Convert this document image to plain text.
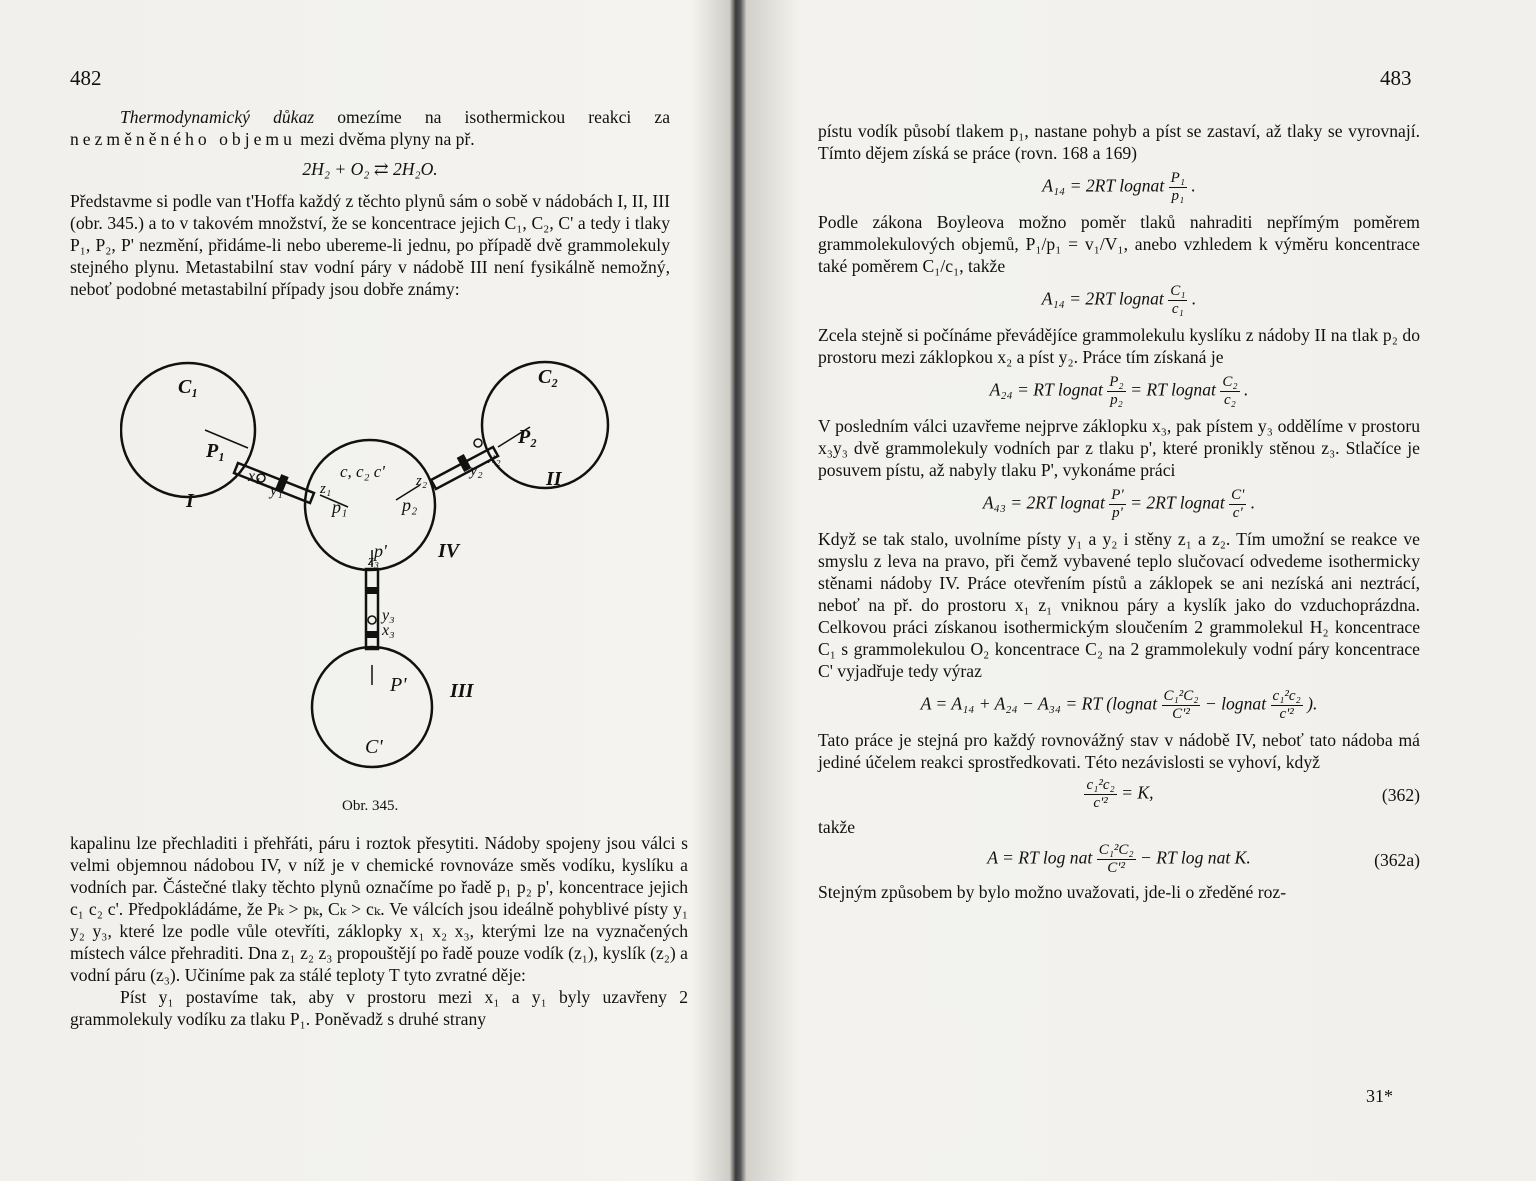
482

Thermodynamický důkaz omezíme na isothermickou reakci za nezměněného objemu mezi dvěma plyny na př.

2H₂ + O₂ ⇄ 2H₂O.

Představme si podle van t'Hoffa každý z těchto plynů sám o sobě v nádobách I, II, III (obr. 345.) a to v takovém množství, že se koncentrace jejich C₁, C₂, C' a tedy i tlaky P₁, P₂, P' nezmění, přidáme-li nebo ubereme-li jednu, po případě dvě grammolekuly stejného plynu. Metastabilní stav vodní páry v nádobě III není fysikálně nemožný, neboť podobné metastabilní případy jsou dobře známy:

C₁	C₂
C'
P₁
P₂
P'
x₁
y₁ z₁
x₂
y₂
z₂
x₃
y₃
z₃
p₁	p₂
p'
c, c₂ c'
I
II
III
IV
Obr. 345.

kapalinu lze přechladiti i přehřáti, páru i roztok přesytiti. Nádoby spojeny jsou válci s velmi objemnou nádobou IV, v níž je v chemické rovnováze směs vodíku, kyslíku a vodních par. Částečné tlaky těchto plynů označíme po řadě p₁ p₂ p', koncentrace jejich c₁ c₂ c'. Předpokládáme, že Pₖ > pₖ, Cₖ > cₖ. Ve válcích jsou ideálně pohyblivé písty y₁ y₂ y₃, které lze podle vůle otevříti, záklopky x₁ x₂ x₃, kterými lze na vyznačených místech válce přehraditi. Dna z₁ z₂ z₃ propouštějí po řadě pouze vodík (z₁), kyslík (z₂) a vodní páru (z₃). Učiníme pak za stálé teploty T tyto zvratné děje:

Píst y₁ postavíme tak, aby v prostoru mezi x₁ a y₁ byly uzavřeny 2 grammolekuly vodíku za tlaku P₁. Poněvadž s druhé strany

483

pístu vodík působí tlakem p₁, nastane pohyb a píst se zastaví, až tlaky se vyrovnají. Tímto dějem získá se práce (rovn. 168 a 169)

A₁₄ = 2RT lognat $\frac{\text{P₁}}{\text{p₁}}$ .

Podle zákona Boyleova možno poměr tlaků nahraditi nepřímým poměrem grammolekulových objemů, P₁/p₁ = v₁/V₁, anebo vzhledem k výměru koncentrace také poměrem C₁/c₁, takže

A₁₄ = 2RT lognat $\frac{\text{C₁}}{\text{c₁}}$ .

Zcela stejně si počínáme převádějíce grammolekulu kyslíku z nádoby II na tlak p₂ do prostoru mezi záklopkou x₂ a píst y₂. Práce tím získaná je

A₂₄ = RT lognat $\frac{\text{P₂}}{\text{p₂}}$ = RT lognat $\frac{\text{C₂}}{\text{c₂}}$ .

V posledním válci uzavřeme nejprve záklopku x₃, pak pístem y₃ oddělíme v prostoru x₃y₃ dvě grammolekuly vodních par z tlaku p', které pronikly stěnou z₃. Stlačíce je posuvem pístu, až nabyly tlaku P', vykonáme práci

A₄₃ = 2RT lognat $\frac{P'}{p'} = 2RT$ lognat $\frac{C'}{c'}$ .

Když se tak stalo, uvolníme písty y₁ a y₂ i stěny z₁ a z₂. Tím umožní se reakce ve smyslu z leva na pravo, při čemž vybavené teplo slučovací odvedeme isothermicky stěnami nádoby IV. Práce otevřením pístů a záklopek se ani nezíská ani neztrácí, neboť na př. do prostoru x₁ z₁ vniknou páry a kyslík jako do vzduchoprázdna. Celkovou práci získanou isothermickým sloučením 2 grammolekul H₂ koncentrace C₁ s grammolekulou O₂ koncentrace C₂ na 2 grammolekuly vodní páry koncentrace C' vyjadřuje tedy výraz

A = A₁₄ + A₂₄ − A₃₄ = RT (lognat $\frac{\text{C₁²C₂}}{\text{C'²}}$ − lognat $\frac{\text{c₁²c₂}}{\text{c'²}}$ ).

Tato práce je stejná pro každý rovnovážný stav v nádobě IV, neboť tato nádoba má jediné účelem reakci sprostředkovati. Této nezávislosti se vyhoví, když

$\frac{\text{c₁²c₂}}{\text{c'²}} = K$,	(362)

takže

A = RT log nat $\frac{\text{C₁²C₂}}{\text{C'²}}$ − RT log nat K.	(362a)

Stejným způsobem by bylo možno uvažovati, jde-li o zředěné roz-

31*
